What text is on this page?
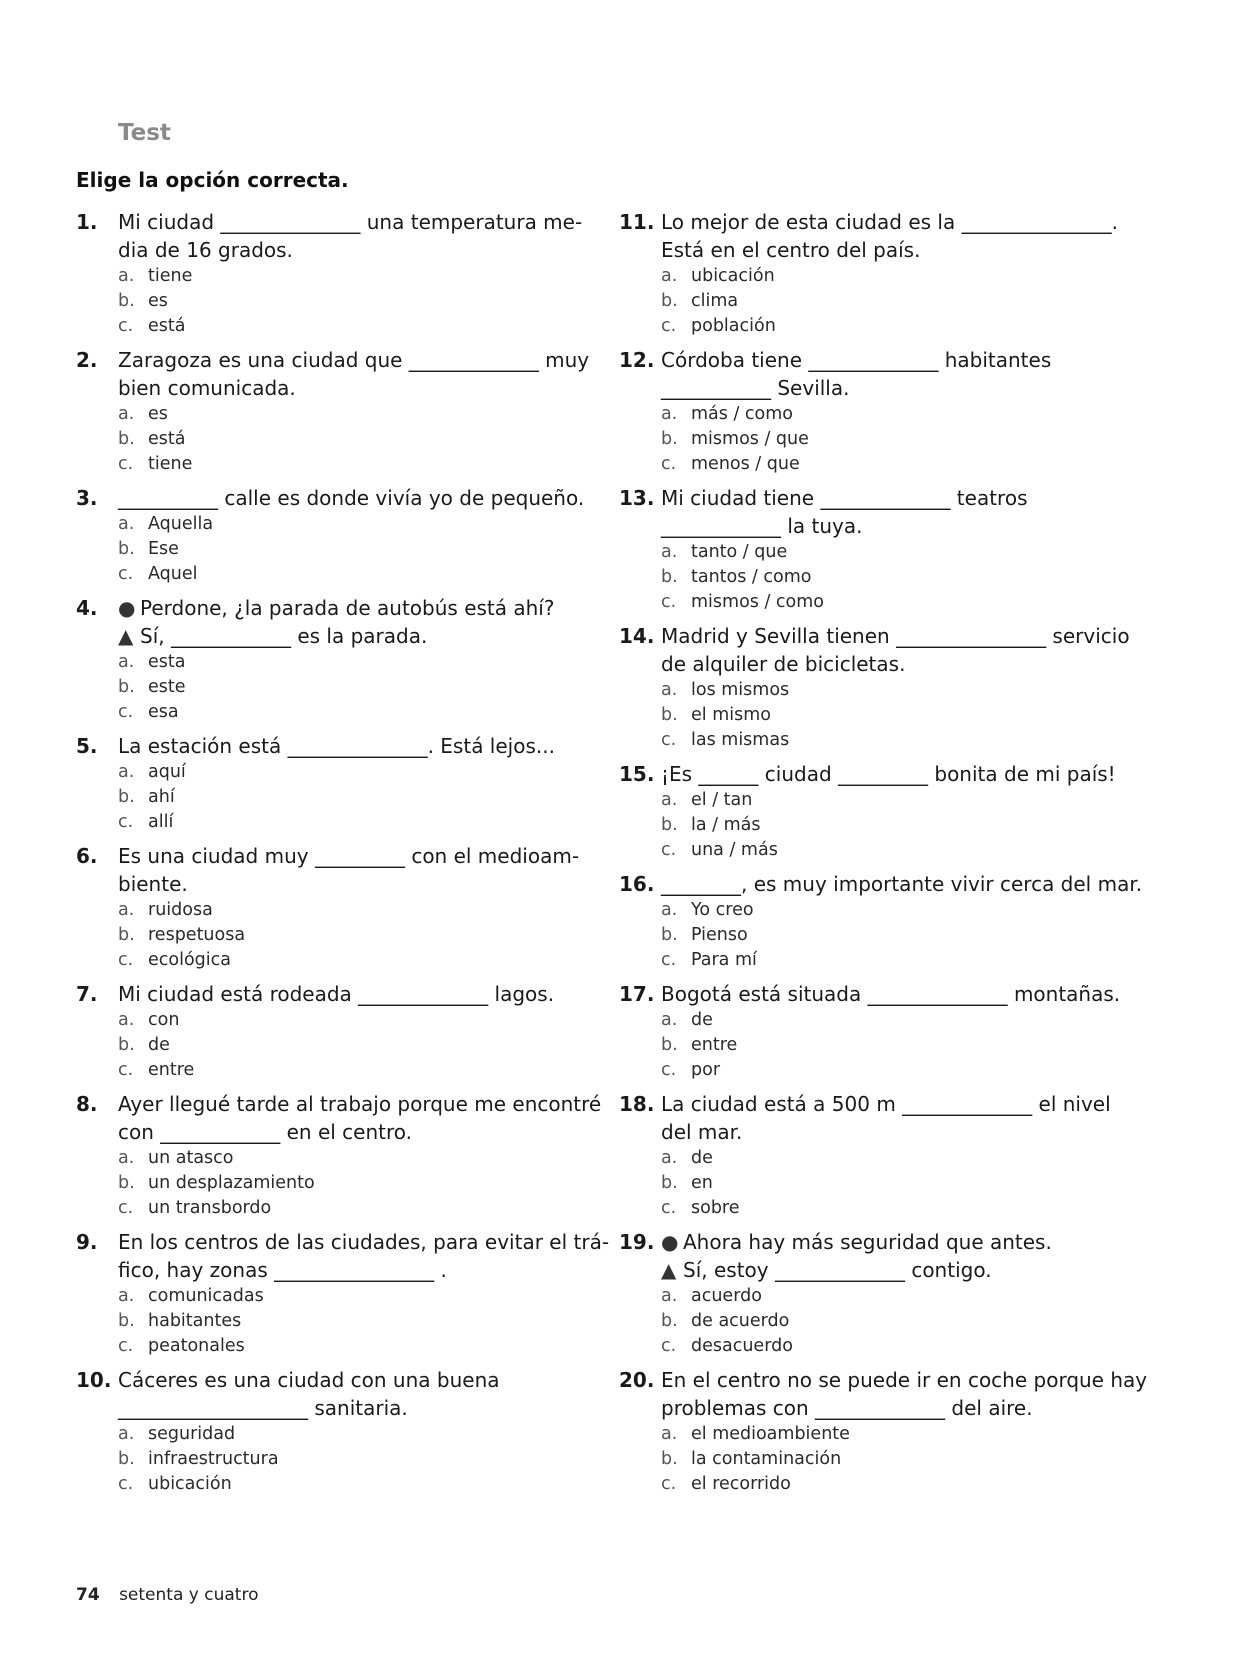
Test

Elige la opción correcta.

1. Mi ciudad ______________ una temperatura me-
dia de 16 grados.
a. tiene
b. es
c. está
2. Zaragoza es una ciudad que _____________ muy
bien comunicada.
a. es
b. está
c. tiene
3. __________ calle es donde vivía yo de pequeño.
a. Aquella
b. Ese
c. Aquel
4. ● Perdone, ¿la parada de autobús está ahí?
▲ Sí, ____________ es la parada.
a. esta
b. este
c. esa
5. La estación está ______________. Está lejos...
a. aquí
b. ahí
c. allí
6. Es una ciudad muy _________ con el medioam-
biente.
a. ruidosa
b. respetuosa
c. ecológica
7. Mi ciudad está rodeada _____________ lagos.
a. con
b. de
c. entre
8. Ayer llegué tarde al trabajo porque me encontré
con ____________ en el centro.
a. un atasco
b. un desplazamiento
c. un transbordo
9. En los centros de las ciudades, para evitar el trá-
fico, hay zonas ________________ .
a. comunicadas
b. habitantes
c. peatonales
10. Cáceres es una ciudad con una buena
___________________ sanitaria.
a. seguridad
b. infraestructura
c. ubicación
11. Lo mejor de esta ciudad es la _______________.
Está en el centro del país.
a. ubicación
b. clima
c. población
12. Córdoba tiene _____________ habitantes
___________ Sevilla.
a. más / como
b. mismos / que
c. menos / que
13. Mi ciudad tiene _____________ teatros
____________ la tuya.
a. tanto / que
b. tantos / como
c. mismos / como
14. Madrid y Sevilla tienen _______________ servicio
de alquiler de bicicletas.
a. los mismos
b. el mismo
c. las mismas
15. ¡Es ______ ciudad _________ bonita de mi país!
a. el / tan
b. la / más
c. una / más
16. ________, es muy importante vivir cerca del mar.
a. Yo creo
b. Pienso
c. Para mí
17. Bogotá está situada ______________ montañas.
a. de
b. entre
c. por
18. La ciudad está a 500 m _____________ el nivel
del mar.
a. de
b. en
c. sobre
19. ● Ahora hay más seguridad que antes.
▲ Sí, estoy _____________ contigo.
a. acuerdo
b. de acuerdo
c. desacuerdo
20. En el centro no se puede ir en coche porque hay
problemas con _____________ del aire.
a. el medioambiente
b. la contaminación
c. el recorrido
74 setenta y cuatro
